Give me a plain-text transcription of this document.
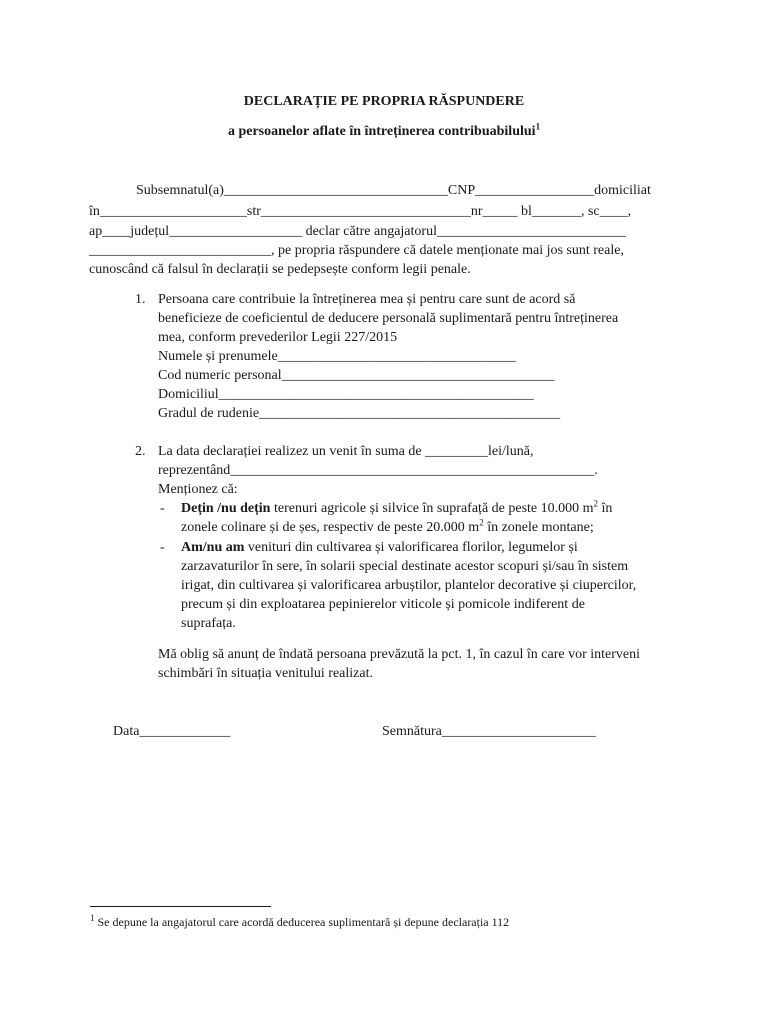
DECLARAȚIE PE PROPRIA RĂSPUNDERE
a persoanelor aflate în întreținerea contribuabilului$^1$
Subsemnatul(a)________________________________CNP_________________domiciliat
în_____________________str______________________________nr_____ bl_______, sc____,
ap____județul___________________ declar către angajatorul___________________________
__________________________, pe propria răspundere că datele menționate mai jos sunt reale,
cunoscând că falsul în declarații se pedepsește conform legii penale.
1. Persoana care contribuie la întreținerea mea și pentru care sunt de acord să
beneficieze de coeficientul de deducere personală suplimentară pentru întreținerea
mea, conform prevederilor Legii 227/2015
Numele și prenumele__________________________________
Cod numeric personal_______________________________________
Domiciliul_____________________________________________
Gradul de rudenie___________________________________________
2. La data declarației realizez un venit în suma de _________lei/lună,
reprezentând____________________________________________________.
Menționez că:
- Dețin /nu dețin terenuri agricole și silvice în suprafață de peste 10.000 $m^2$ în
zonele colinare și de șes, respectiv de peste 20.000 $m^2$ în zonele montane;
- Am/nu am venituri din cultivarea și valorificarea florilor, legumelor și
zarzavaturilor în sere, în solarii special destinate acestor scopuri și/sau în sistem
irigat, din cultivarea și valorificarea arbuștilor, plantelor decorative și ciupercilor,
precum și din exploatarea pepinierelor viticole și pomicole indiferent de
suprafața.
Mă oblig să anunț de îndată persoana prevăzută la pct. 1, în cazul în care vor interveni
schimbări în situația venitului realizat.
Data_____________	Semnătura______________________
$^1$ Se depune la angajatorul care acordă deducerea suplimentară și depune declarația 112
